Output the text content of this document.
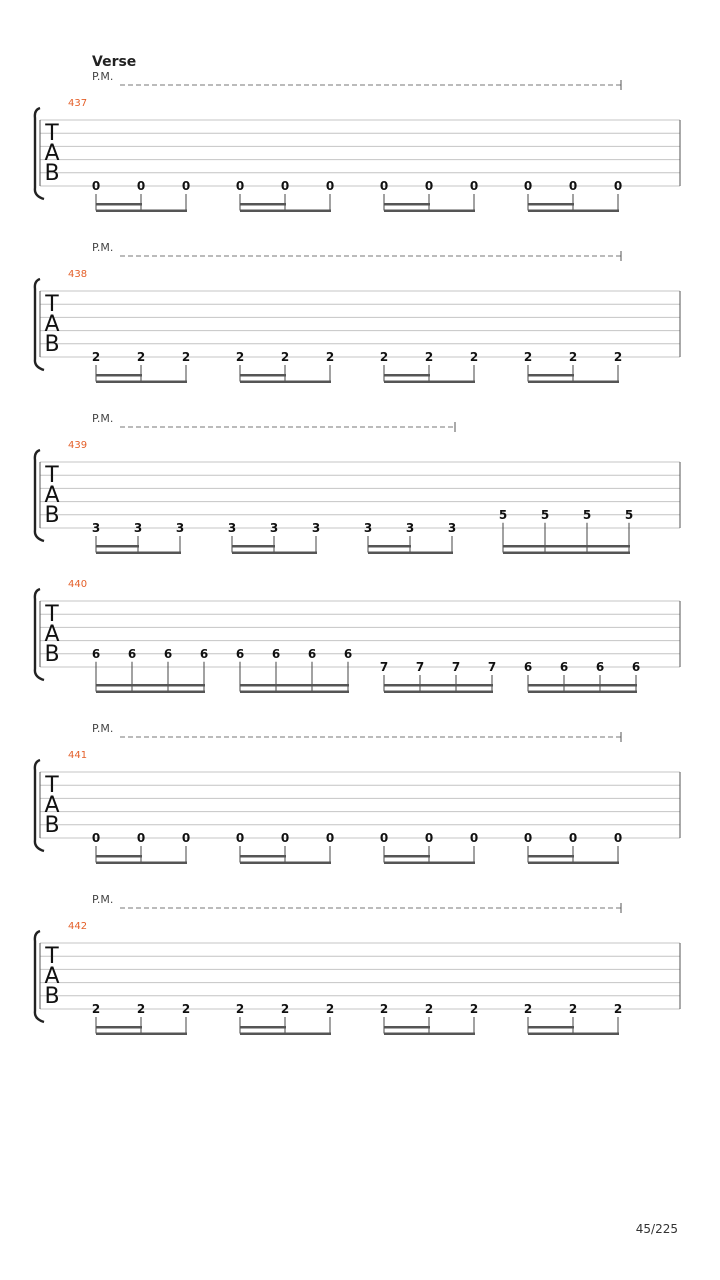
Verse
437
P.M.
T
A
B	0	0	0	0	0	0	0	0	0	0	0	0
438
P.M.
T
A
B	2	2	2	2	2	2	2	2	2	2	2	2
439
P.M.
T
A
B	3	3	3	3	3	3	3	3	3
5	5	5	5
440
T
A
B	6 6 6 6 6 6 6 6
7 7 7 7 6 6 6 6
441
P.M.
T
A
B	0	0	0	0	0	0	0	0	0	0	0	0
442
P.M.
T
A
B	2	2	2	2	2	2	2	2	2	2	2	2
45/225
